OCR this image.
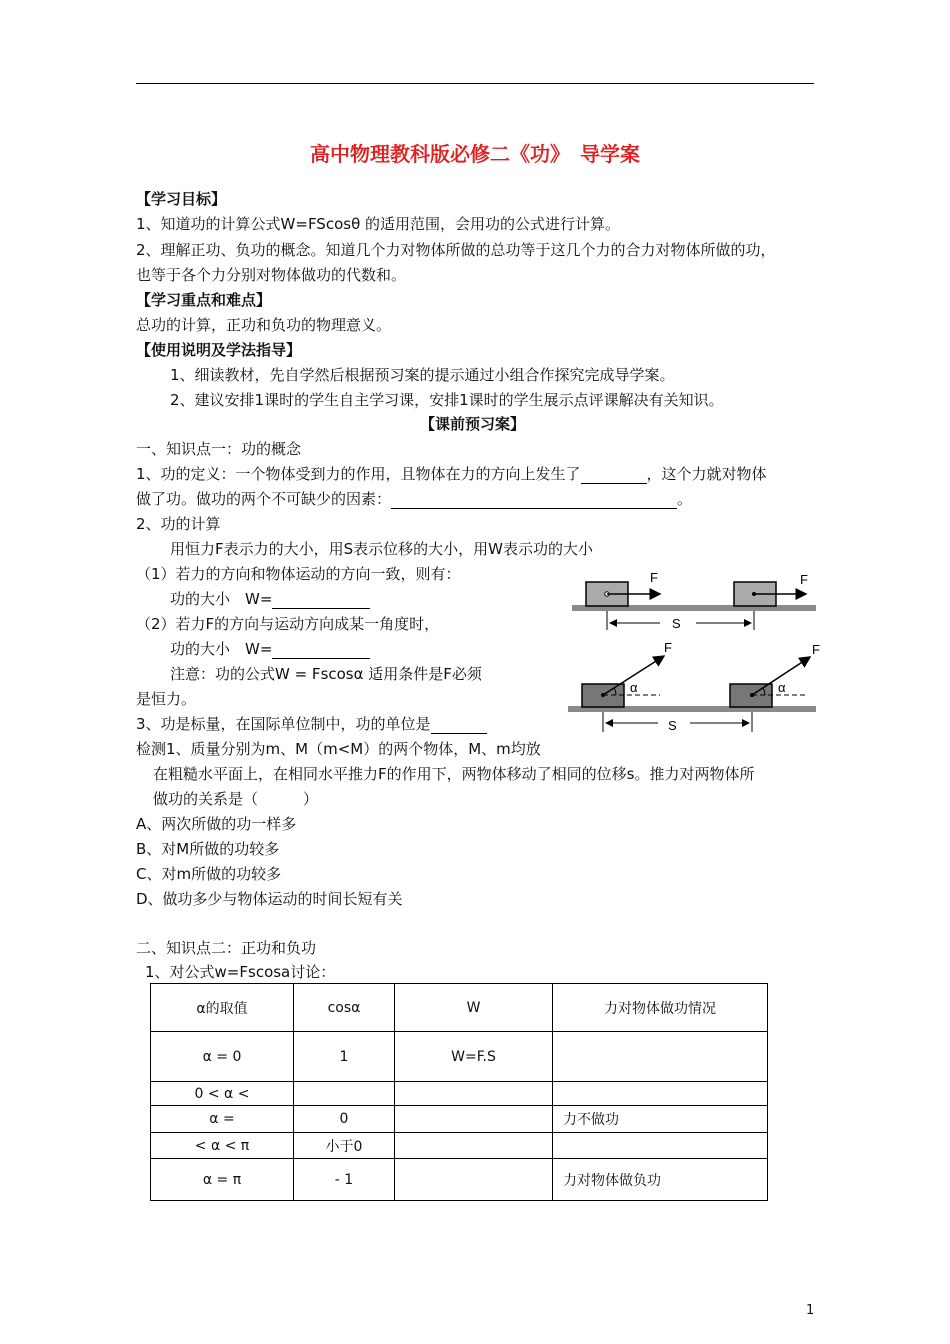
高中物理教科版必修二《功》　导学案
【学习目标】
1、知道功的计算公式W=FScosθ 的适用范围，会用功的公式进行计算。
2、理解正功、负功的概念。知道几个力对物体所做的总功等于这几个力的合力对物体所做的功，
也等于各个力分别对物体做功的代数和。
【学习重点和难点】
总功的计算，正功和负功的物理意义。
【使用说明及学法指导】
1、细读教材，先自学然后根据预习案的提示通过小组合作探究完成导学案。
2、建议安排1课时的学生自主学习课，安排1课时的学生展示点评课解决有关知识。
【课前预习案】
一、知识点一：功的概念
1、功的定义：一个物体受到力的作用，且物体在力的方向上发生了	，这个力就对物体
做了功。做功的两个不可缺少的因素：	。
2、功的计算
用恒力F表示力的大小，用S表示位移的大小，用W表示功的大小
（1）若力的方向和物体运动的方向一致，则有：
功的大小　W=
（2）若力F的方向与运动方向成某一角度时，
功的大小　W=
注意：功的公式W = Fscosα 适用条件是F必须
是恒力。
3、功是标量，在国际单位制中，功的单位是
检测1、质量分别为m、M（m<M）的两个物体，M、m均放
在粗糙水平面上，在相同水平推力F的作用下，两物体移动了相同的位移s。推力对两物体所
做功的关系是（　　　）
A、两次所做的功一样多
B、对M所做的功较多
C、对m所做的功较多
D、做功多少与物体运动的时间长短有关
F	F
S
α
F
α
F
S
二、知识点二：正功和负功
1、对公式w=Fscosa讨论：
α的取值	cosα	W	力对物体做功情况
α = 0	1	W=F.S	
0 < α <			
α =	0		力不做功
< α < π	小于0		
α = π	- 1		力对物体做负功
1
